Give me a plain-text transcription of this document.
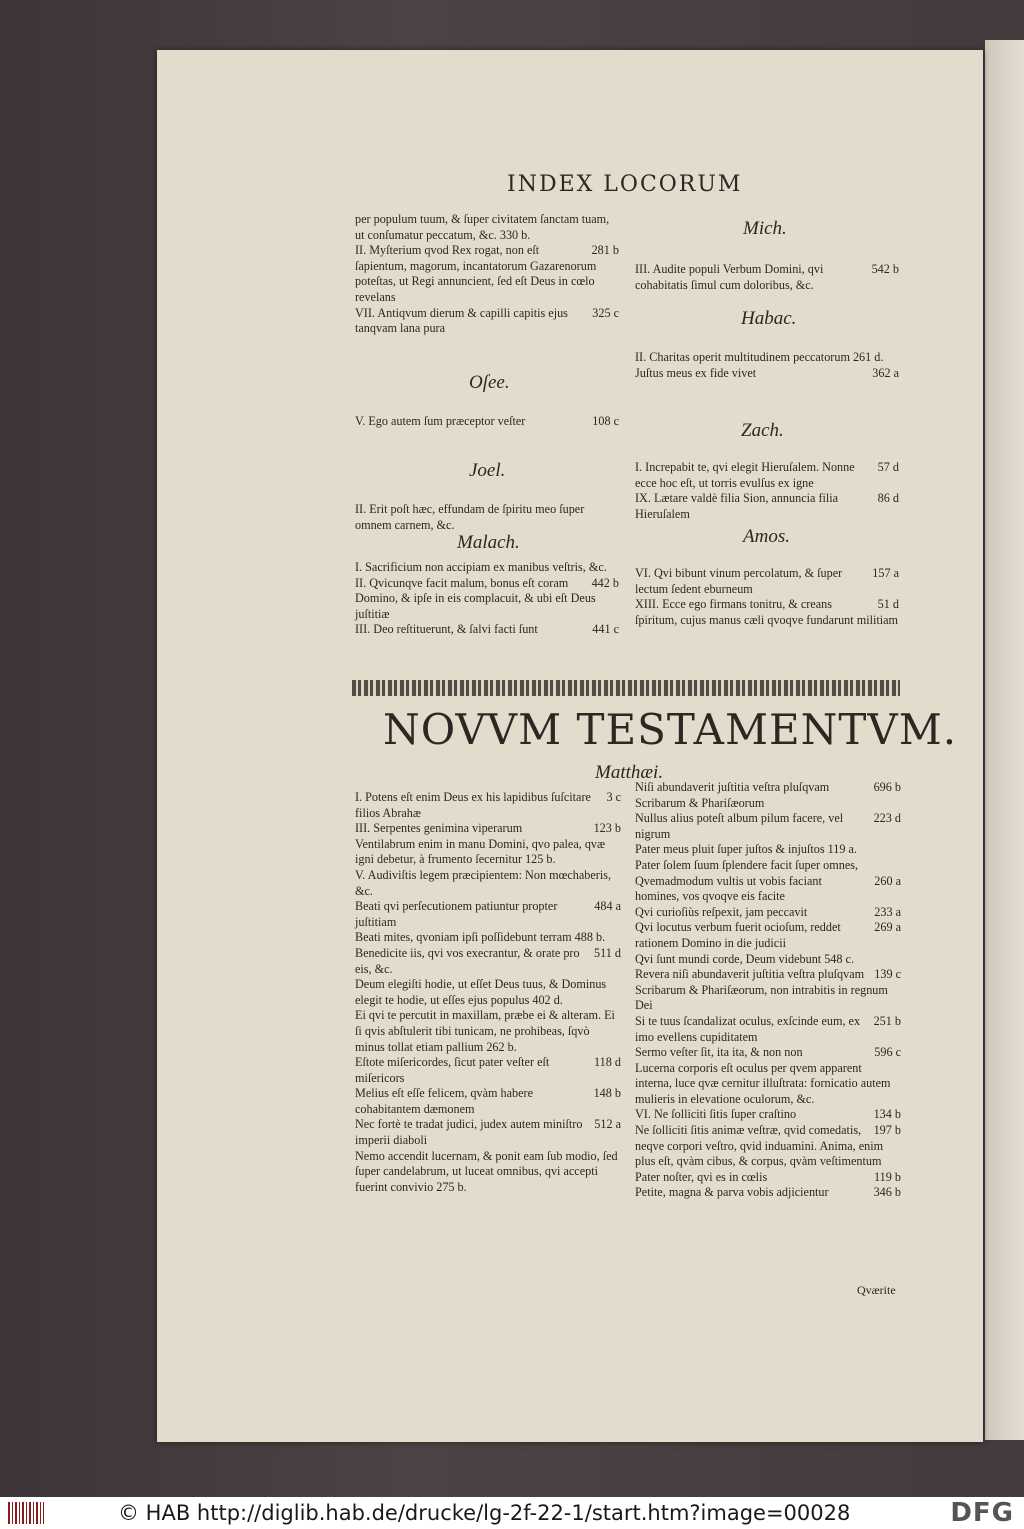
INDEX LOCORUM
per populum tuum, & ſuper civitatem ſanctam tuam, ut conſumatur peccatum, &c. 330 b.
281 b
II. Myſterium qvod Rex rogat, non eſt ſapientum, magorum, incantatorum Gazarenorum poteſtas, ut Regi annuncient, ſed eſt Deus in cœlo revelans
325 c
VII. Antiqvum dierum & capilli capitis ejus tanqvam lana pura
Oſee.
108 c
V. Ego autem ſum præceptor veſter
Joel.
II. Erit poſt hæc, effundam de ſpiritu meo ſuper omnem carnem, &c.
Malach.
I. Sacrificium non accipiam ex manibus veſtris, &c.
442 b
II. Qvicunqve facit malum, bonus eſt coram Domino, & ipſe in eis complacuit, & ubi eſt Deus juſtitiæ
441 c
III. Deo reſtituerunt, & ſalvi facti ſunt
Mich.
542 b
III. Audite populi Verbum Domini, qvi cohabitatis ſimul cum doloribus, &c.
Habac.
II. Charitas operit multitudinem peccatorum 261 d.
362 a
Juſtus meus ex fide vivet
Zach.
57 d
I. Increpabit te, qvi elegit Hieruſalem. Nonne ecce hoc eſt, ut torris evulſus ex igne
86 d
IX. Lætare valdè filia Sion, annuncia filia Hieruſalem
Amos.
157 a
VI. Qvi bibunt vinum percolatum, & ſuper lectum ſedent eburneum
51 d
XIII. Ecce ego firmans tonitru, & creans ſpiritum, cujus manus cæli qvoqve fundarunt militiam
NOVVM TESTAMENTVM.
Matthæi.
3 c
I. Potens eſt enim Deus ex his lapidibus ſuſcitare filios Abrahæ
123 b
III. Serpentes genimina viperarum
Ventilabrum enim in manu Domini, qvo palea, qvæ igni debetur, à frumento ſecernitur 125 b.
V. Audiviſtis legem præcipientem: Non mœchaberis, &c.
484 a
Beati qvi perſecutionem patiuntur propter juſtitiam
Beati mites, qvoniam ipſi poſſidebunt terram 488 b.
511 d
Benedicite iis, qvi vos execrantur, & orate pro eis, &c.
Deum elegiſti hodie, ut eſſet Deus tuus, & Dominus elegit te hodie, ut eſſes ejus populus 402 d.
Ei qvi te percutit in maxillam, præbe ei & alteram. Ei ſi qvis abſtulerit tibi tunicam, ne prohibeas, ſqvò minus tollat etiam pallium 262 b.
118 d
Eſtote miſericordes, ſicut pater veſter eſt miſericors
148 b
Melius eſt eſſe felicem, qvàm habere cohabitantem dæmonem
512 a
Nec fortè te tradat judici, judex autem miniſtro imperii diaboli
Nemo accendit lucernam, & ponit eam ſub modio, ſed ſuper candelabrum, ut luceat omnibus, qvi accepti fuerint convivio 275 b.
696 b
Niſi abundaverit juſtitia veſtra pluſqvam Scribarum & Phariſæorum
223 d
Nullus alius poteſt album pilum facere, vel nigrum
Pater meus pluit ſuper juſtos & injuſtos 119 a.
Pater ſolem ſuum ſplendere facit ſuper omnes,
260 a
Qvemadmodum vultis ut vobis faciant homines, vos qvoqve eis facite
233 a
Qvi curioſiùs reſpexit, jam peccavit
269 a
Qvi locutus verbum fuerit ocioſum, reddet rationem Domino in die judicii
Qvi ſunt mundi corde, Deum videbunt 548 c.
139 c
Revera niſi abundaverit juſtitia veſtra pluſqvam Scribarum & Phariſæorum, non intrabitis in regnum Dei
251 b
Si te tuus ſcandalizat oculus, exſcinde eum, ex imo evellens cupiditatem
596 c
Sermo veſter ſit, ita ita, & non non
Lucerna corporis eſt oculus per qvem apparent interna, luce qvæ cernitur illuſtrata: fornicatio autem mulieris in elevatione oculorum, &c.
134 b
VI. Ne ſolliciti ſitis ſuper craſtino
197 b
Ne ſolliciti ſitis animæ veſtræ, qvid comedatis, neqve corpori veſtro, qvid induamini. Anima, enim plus eſt, qvàm cibus, & corpus, qvàm veſtimentum
119 b
Pater noſter, qvi es in cœlis
346 b
Petite, magna & parva vobis adjicientur
Qværite
© HAB http://diglib.hab.de/drucke/lg-2f-22-1/start.htm?image=00028	DFG
